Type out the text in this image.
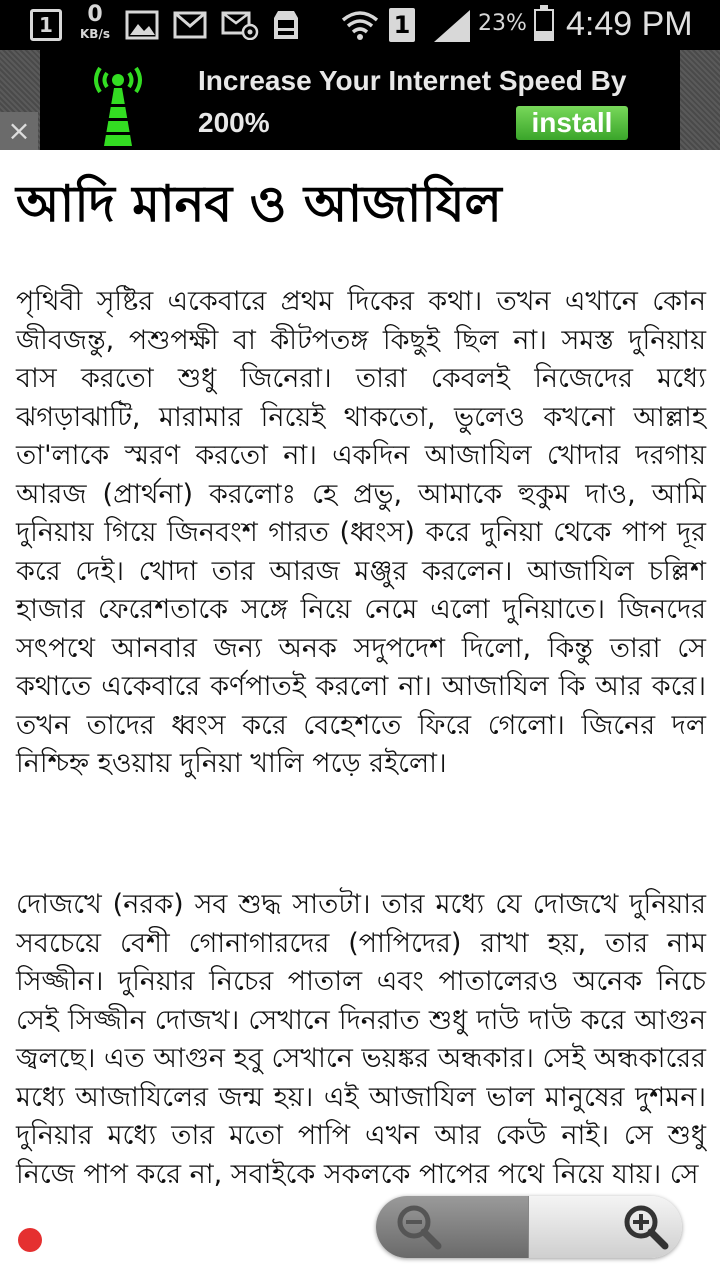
1	0
KB/s	1	23% 4:49 PM
Increase Your Internet Speed By 200%	install
×
আদি মানব ও আজাযিল

পৃথিবী সৃষ্টির একেবারে প্রথম দিকের কথা। তখন এখানে কোন জীবজন্তু, পশুপক্ষী বা কীটপতঙ্গ কিছুই ছিল না। সমস্ত দুনিয়ায় বাস করতো শুধু জিনেরা। তারা কেবলই নিজেদের মধ্যে ঝগড়াঝাটি, মারামার নিয়েই থাকতো, ভুলেও কখনো আল্লাহ তা'লাকে স্মরণ করতো না। একদিন আজাযিল খোদার দরগায় আরজ (প্রার্থনা) করলোঃ হে প্রভু, আমাকে হুকুম দাও, আমি দুনিয়ায় গিয়ে জিনবংশ গারত (ধ্বংস) করে দুনিয়া থেকে পাপ দূর করে দেই। খোদা তার আরজ মঞ্জুর করলেন। আজাযিল চল্লিশ হাজার ফেরেশতাকে সঙ্গে নিয়ে নেমে এলো দুনিয়াতে। জিনদের সৎপথে আনবার জন্য অনক সদুপদেশ দিলো, কিন্তু তারা সে কথাতে একেবারে কর্ণপাতই করলো না। আজাযিল কি আর করে। তখন তাদের ধ্বংস করে বেহেশতে ফিরে গেলো। জিনের দল নিশ্চিহ্ন হওয়ায় দুনিয়া খালি পড়ে রইলো।

দোজখে (নরক) সব শুদ্ধ সাতটা। তার মধ্যে যে দোজখে দুনিয়ার সবচেয়ে বেশী গোনাগারদের (পাপিদের) রাখা হয়, তার নাম সিজ্জীন। দুনিয়ার নিচের পাতাল এবং পাতালেরও অনেক নিচে সেই সিজ্জীন দোজখ। সেখানে দিনরাত শুধু দাউ দাউ করে আগুন জ্বলছে। এত আগুন হবু সেখানে ভয়ঙ্কর অন্ধকার। সেই অন্ধকারের মধ্যে আজাযিলের জন্ম হয়। এই আজাযিল ভাল মানুষের দুশমন। দুনিয়ার মধ্যে তার মতো পাপি এখন আর কেউ নাই। সে শুধু নিজে পাপ করে না, সবাইকে সকলকে পাপের পথে নিয়ে যায়। সে
